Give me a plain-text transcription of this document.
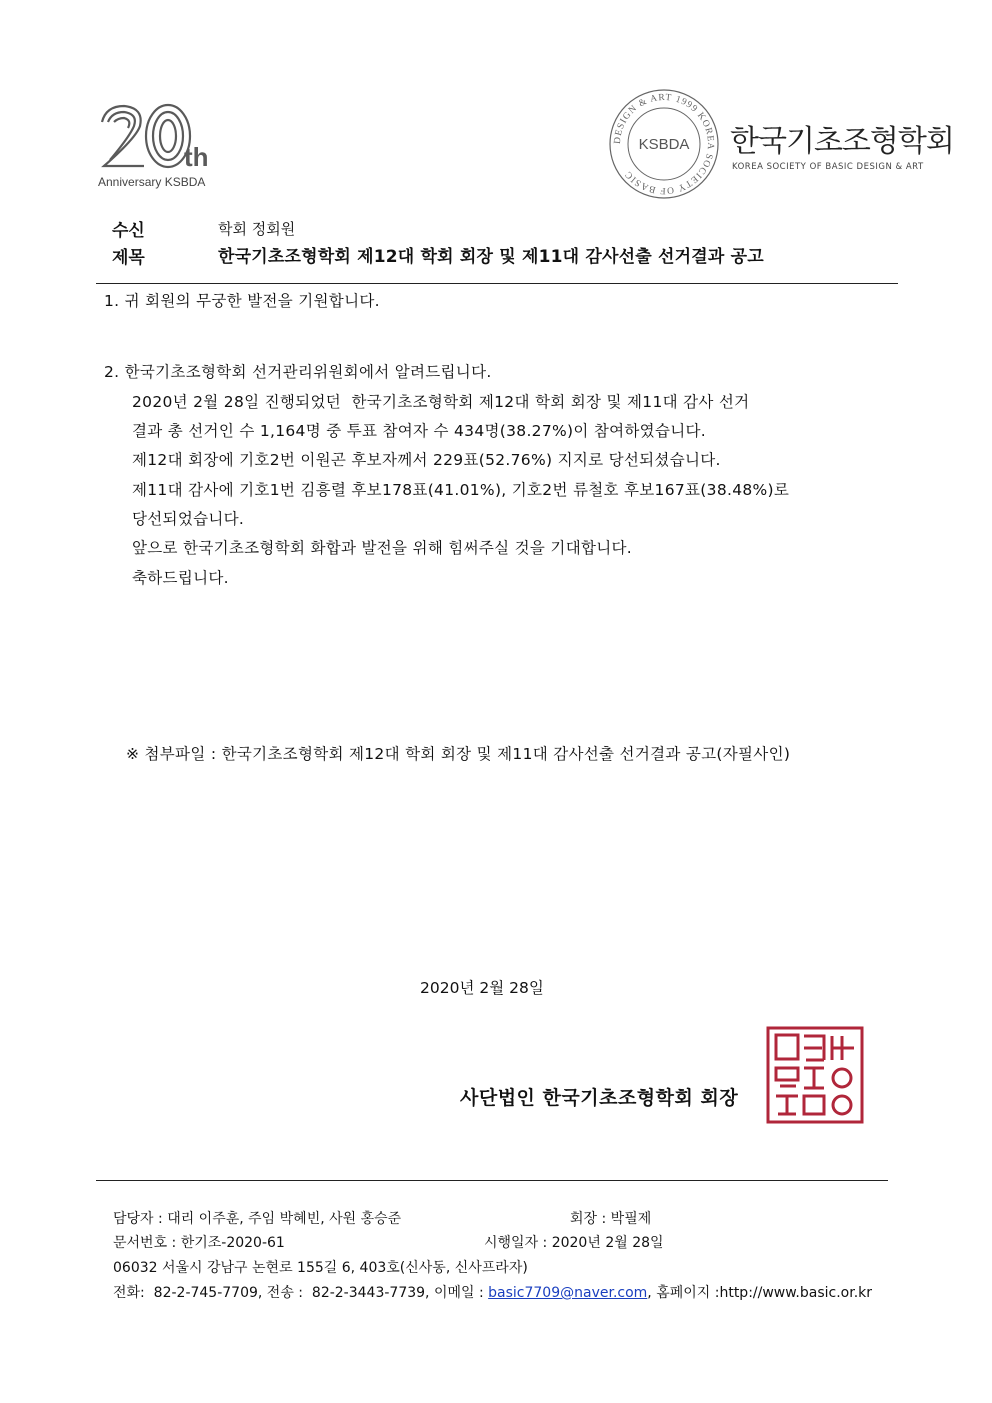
th
Anniversary KSBDA
DESIGN & ART 1999 KOREA SOCIETY OF BASIC
KSBDA 한국기초조형학회
KOREA SOCIETY OF BASIC DESIGN & ART
수신	학회 정회원
제목	한국기초조형학회 제12대 학회 회장 및 제11대 감사선출 선거결과 공고
1. 귀 회원의 무궁한 발전을 기원합니다.
2. 한국기초조형학회 선거관리위원회에서 알려드립니다.
2020년 2월 28일 진행되었던  한국기초조형학회 제12대 학회 회장 및 제11대 감사 선거
결과 총 선거인 수 1,164명 중 투표 참여자 수 434명(38.27%)이 참여하였습니다.
제12대 회장에 기호2번 이원곤 후보자께서 229표(52.76%) 지지로 당선되셨습니다.
제11대 감사에 기호1번 김흥렬 후보178표(41.01%), 기호2번 류철호 후보167표(38.48%)로
당선되었습니다.
앞으로 한국기초조형학회 화합과 발전을 위해 힘써주실 것을 기대합니다.
축하드립니다.
※ 첨부파일 : 한국기초조형학회 제12대 학회 회장 및 제11대 감사선출 선거결과 공고(자필사인)
2020년 2월 28일
사단법인 한국기초조형학회 회장
담당자 : 대리 이주훈, 주임 박혜빈, 사원 홍승준	회장 : 박필제
문서번호 : 한기조-2020-61	시행일자 : 2020년 2월 28일
06032 서울시 강남구 논현로 155길 6, 403호(신사동, 신사프라자)
전화:  82-2-745-7709, 전송 :  82-2-3443-7739, 이메일 : basic7709@naver.com, 홈페이지 :http://www.basic.or.kr
